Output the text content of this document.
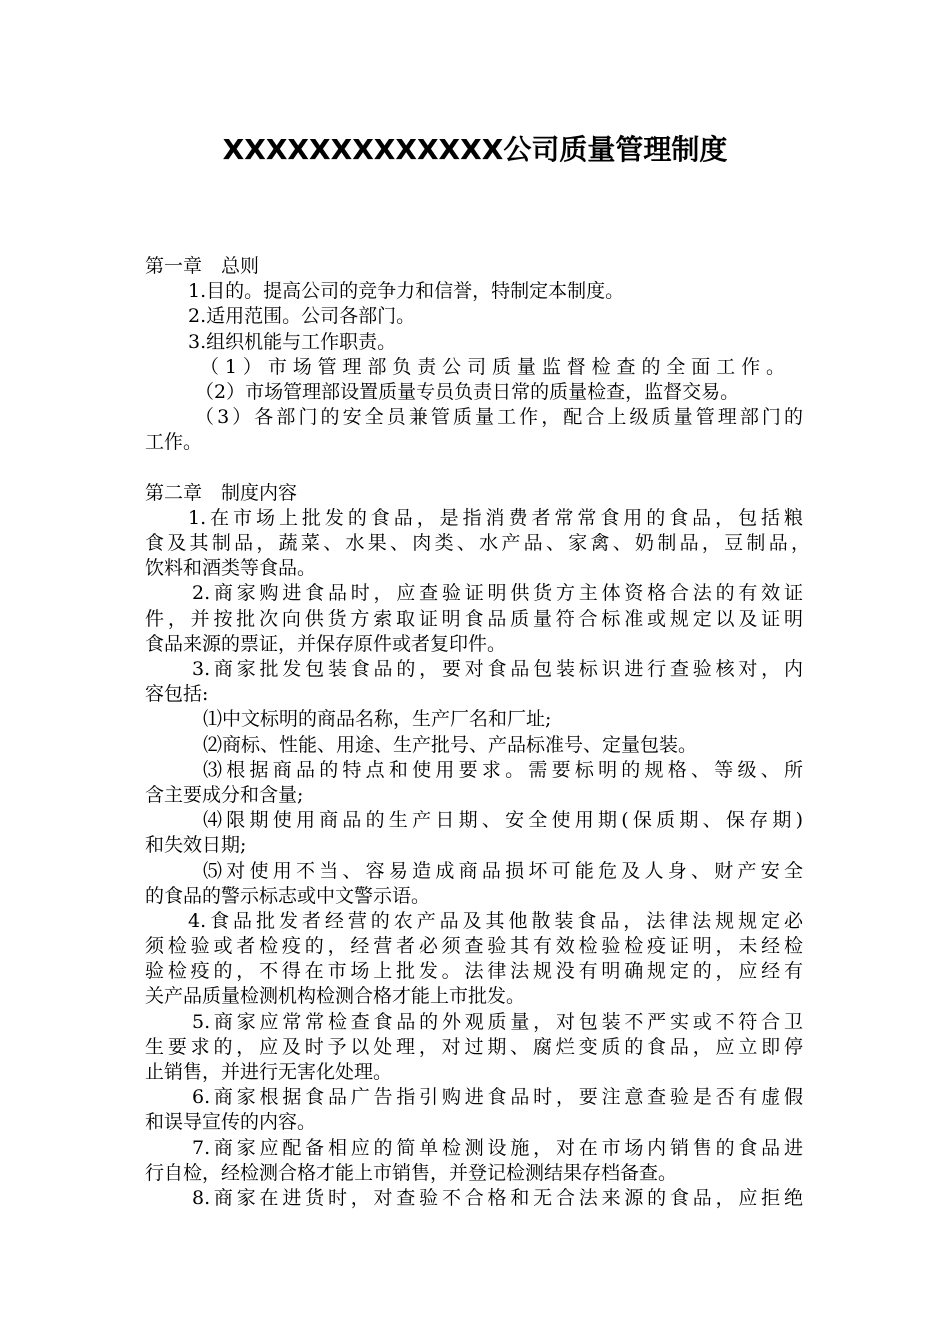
XXXXXXXXXXXXX公司质量管理制度
第一章　总则
1.目的。提高公司的竞争力和信誉，特制定本制度。
2.适用范围。公司各部门。
3.组织机能与工作职责。
（1）市场管理部负责公司质量监督检查的全面工作。
（2）市场管理部设置质量专员负责日常的质量检查，监督交易。
（3）各部门的安全员兼管质量工作，配合上级质量管理部门的
工作。
第二章　制度内容
1.在市场上批发的食品，是指消费者常常食用的食品，包括粮
食及其制品，蔬菜、水果、肉类、水产品、家禽、奶制品，豆制品，
饮料和酒类等食品。
2.商家购进食品时，应查验证明供货方主体资格合法的有效证
件，并按批次向供货方索取证明食品质量符合标准或规定以及证明
食品来源的票证，并保存原件或者复印件。
3.商家批发包装食品的，要对食品包装标识进行查验核对，内
容包括:
⑴中文标明的商品名称，生产厂名和厂址;
⑵商标、性能、用途、生产批号、产品标准号、定量包装。
⑶根据商品的特点和使用要求。需要标明的规格、等级、所
含主要成分和含量;
⑷限期使用商品的生产日期、安全使用期(保质期、保存期)
和失效日期;
⑸对使用不当、容易造成商品损坏可能危及人身、财产安全
的食品的警示标志或中文警示语。
4.食品批发者经营的农产品及其他散装食品，法律法规规定必
须检验或者检疫的，经营者必须查验其有效检验检疫证明，未经检
验检疫的，不得在市场上批发。法律法规没有明确规定的，应经有
关产品质量检测机构检测合格才能上市批发。
5.商家应常常检查食品的外观质量，对包装不严实或不符合卫
生要求的，应及时予以处理，对过期、腐烂变质的食品，应立即停
止销售，并进行无害化处理。
6.商家根据食品广告指引购进食品时，要注意查验是否有虚假
和误导宣传的内容。
7.商家应配备相应的简单检测设施，对在市场内销售的食品进
行自检，经检测合格才能上市销售，并登记检测结果存档备查。
8.商家在进货时，对查验不合格和无合法来源的食品，应拒绝
